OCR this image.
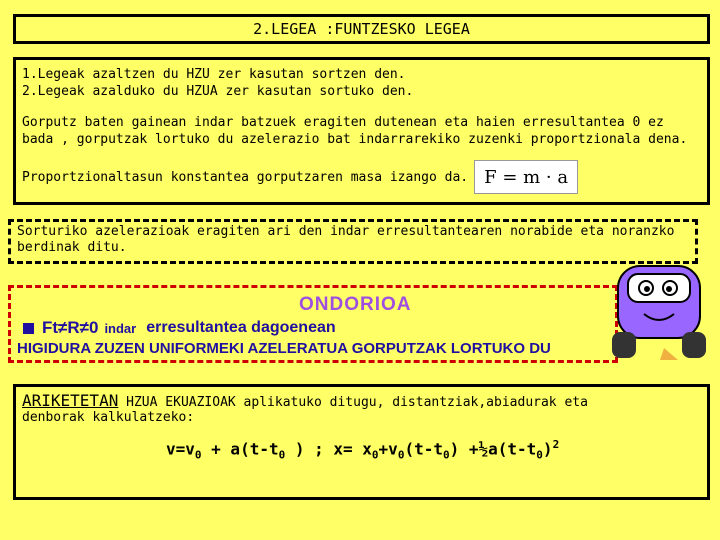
2.LEGEA :FUNTZESKO LEGEA

1.Legeak azaltzen du HZU zer kasutan sortzen den.

2.Legeak azalduko du HZUA zer kasutan sortuko den.

Gorputz baten gainean indar batzuek eragiten dutenean eta haien erresultantea 0 ez bada , gorputzak lortuko du azelerazio bat indarrarekiko zuzenki proportzionala dena.

Proportzionaltasun konstantea gorputzaren masa izango da. F = m · a
Sorturiko azelerazioak eragiten ari den indar erresultantearen norabide eta noranzko berdinak ditu.
ONDORIOA
Ft≠R≠0 indar erresultantea dagoenean
HIGIDURA ZUZEN UNIFORMEKI AZELERATUA GORPUTZAK LORTUKO DU
ARIKETETAN HZUA EKUAZIOAK aplikatuko ditugu, distantziak,abiadurak eta
denborak kalkulatzeko:
$v=v_0 + a(t-t_0$ ) ; $x= x_0+v_0(t-t_0)$ $+\frac{1}{2}a(t-t_0)^2$
